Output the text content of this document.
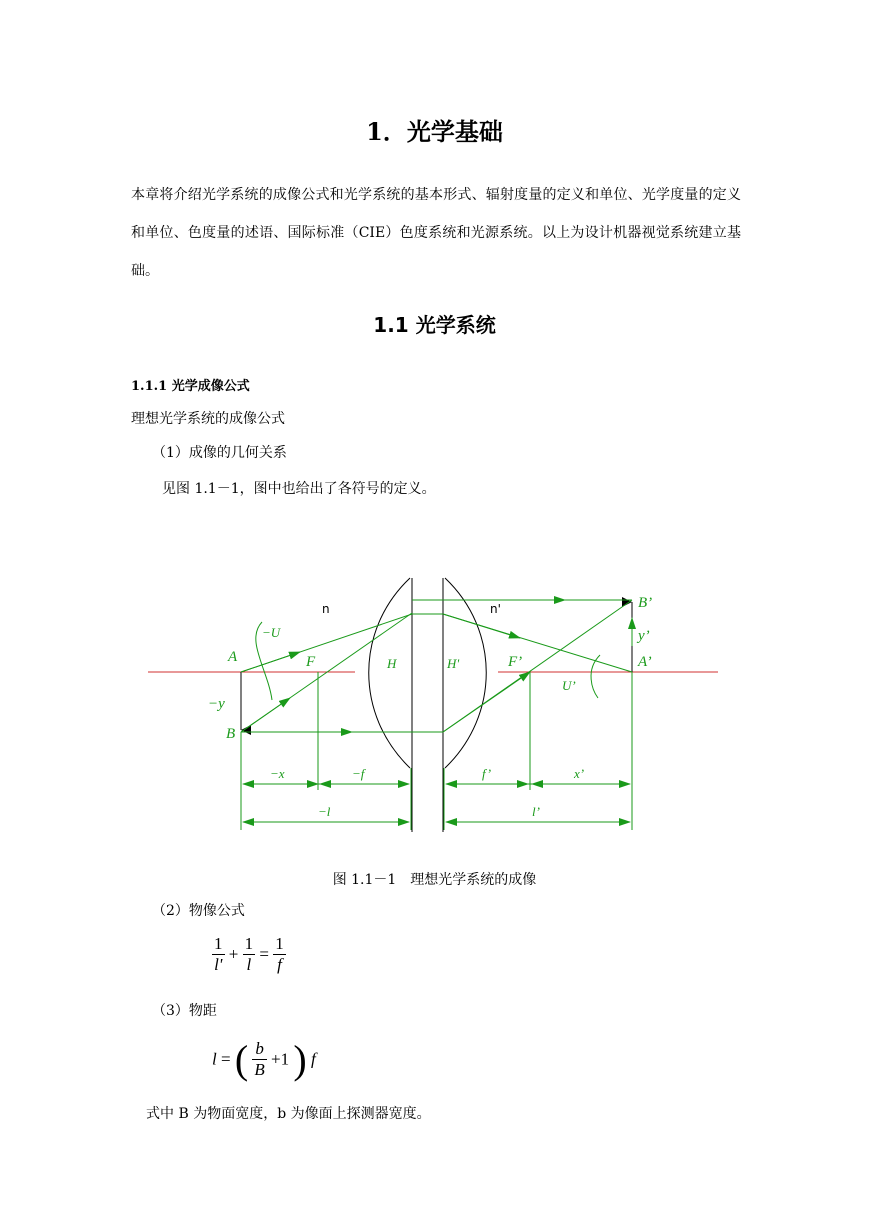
1．光学基础

本章将介绍光学系统的成像公式和光学系统的基本形式、辐射度量的定义和单位、光学度量的定义和单位、色度量的述语、国际标准（CIE）色度系统和光源系统。以上为设计机器视觉系统建立基础。

1.1 光学系统
1.1.1 光学成像公式
理想光学系统的成像公式
（1）成像的几何关系
见图 1.1－1，图中也给出了各符号的定义。
n	n'	B’
y’
A’
−U
A	F	H	H'	F’
U’
−y
B
−x	−f	f’	x’
−l	l’
图 1.1－1　理想光学系统的成像
（2）物像公式
$\frac{1}{l'} + \frac{1}{l} = \frac{1}{f}$
（3）物距
l = ( $\frac{b}{B} +1$ ) f
式中 B 为物面宽度，b 为像面上探测器宽度。
